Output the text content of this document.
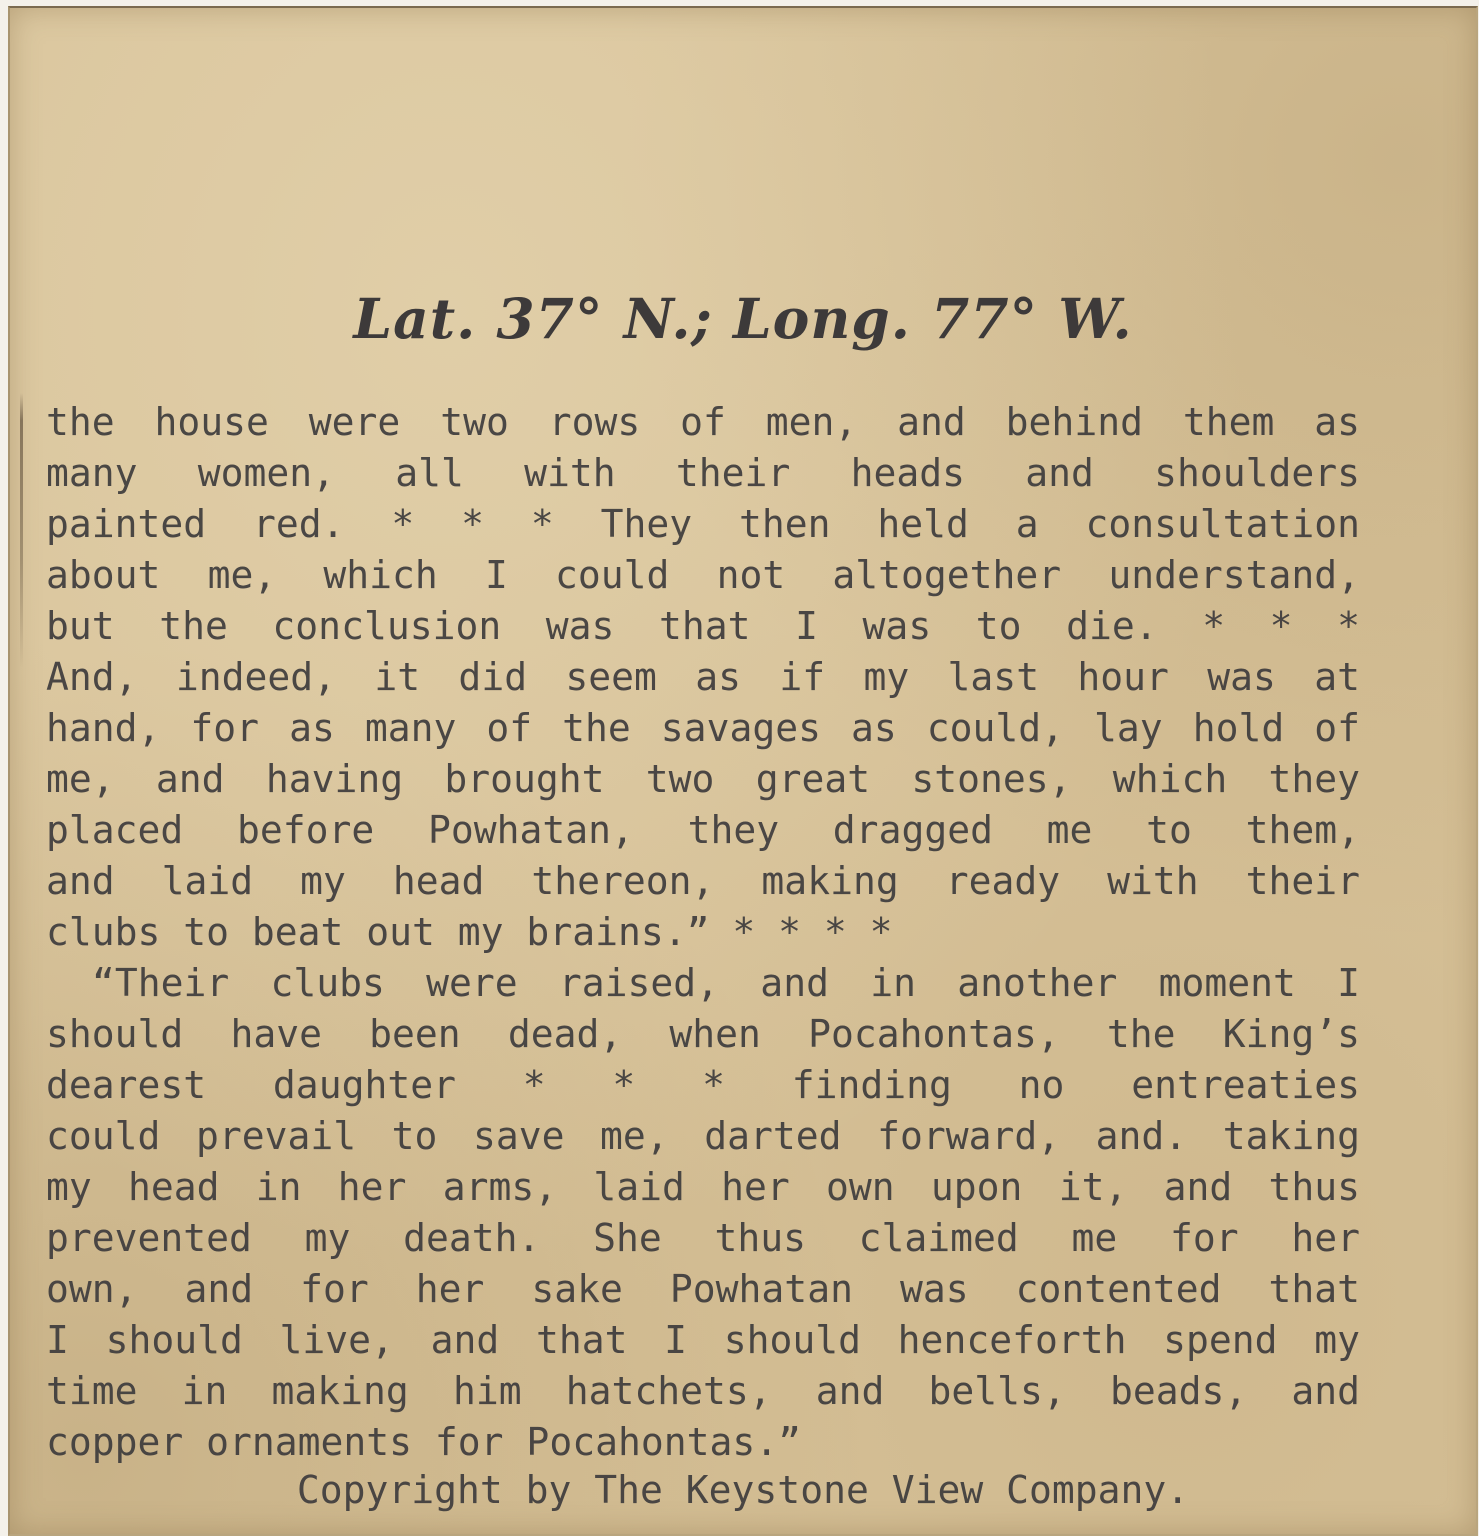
Lat. 37° N.; Long. 77° W.
the house were two rows of men, and behind them as
many women, all with their heads and shoulders
painted red. * * * They then held a consultation
about me, which I could not altogether understand,
but the conclusion was that I was to die. * * *
And, indeed, it did seem as if my last hour was at
hand, for as many of the savages as could, lay hold of
me, and having brought two great stones, which they
placed before Powhatan, they dragged me to them,
and laid my head thereon, making ready with their
clubs to beat out my brains.” * * * *
“Their clubs were raised, and in another moment I
should have been dead, when Pocahontas, the King’s
dearest daughter * * * finding no entreaties
could prevail to save me, darted forward, and. taking
my head in her arms, laid her own upon it, and thus
prevented my death. She thus claimed me for her
own, and for her sake Powhatan was contented that
I should live, and that I should henceforth spend my
time in making him hatchets, and bells, beads, and
copper ornaments for Pocahontas.”
Copyright by The Keystone View Company.
